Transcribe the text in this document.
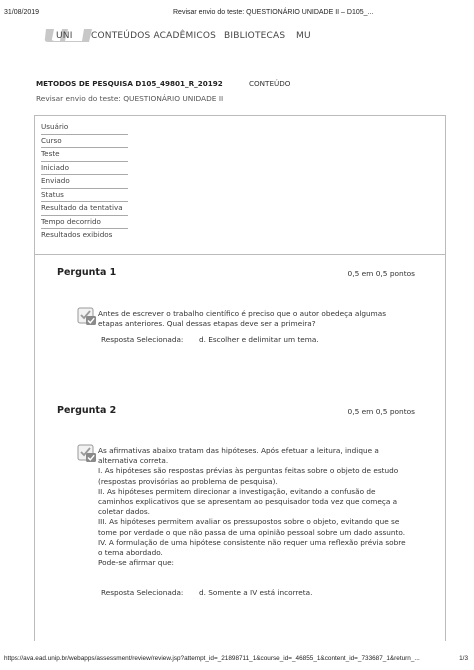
31/08/2019	Revisar envio do teste: QUESTIONÁRIO UNIDADE II – D105_...
UNI CONTEÚDOS ACADÊMICOS BIBLIOTECAS MU
METODOS DE PESQUISA D105_49801_R_20192	CONTEÚDO
Revisar envio do teste: QUESTIONÁRIO UNIDADE II
Usuário
Curso
Teste
Iniciado
Enviado
Status
Resultado da tentativa
Tempo decorrido
Resultados exibidos
Pergunta 1	0,5 em 0,5 pontos
Antes de escrever o trabalho científico é preciso que o autor obedeça algumas
etapas anteriores. Qual dessas etapas deve ser a primeira?
Resposta Selecionada: d. Escolher e delimitar um tema.
Pergunta 2	0,5 em 0,5 pontos
As afirmativas abaixo tratam das hipóteses. Após efetuar a leitura, indique a
alternativa correta.
I. As hipóteses são respostas prévias às perguntas feitas sobre o objeto de estudo
(respostas provisórias ao problema de pesquisa).
II. As hipóteses permitem direcionar a investigação, evitando a confusão de
caminhos explicativos que se apresentam ao pesquisador toda vez que começa a
coletar dados.
III. As hipóteses permitem avaliar os pressupostos sobre o objeto, evitando que se
tome por verdade o que não passa de uma opinião pessoal sobre um dado assunto.
IV. A formulação de uma hipótese consistente não requer uma reflexão prévia sobre
o tema abordado.
Pode-se afirmar que:
Resposta Selecionada: d. Somente a IV está incorreta.
https://ava.ead.unip.br/webapps/assessment/review/review.jsp?attempt_id=_21898711_1&course_id=_46855_1&content_id=_733687_1&return_...	1/3
